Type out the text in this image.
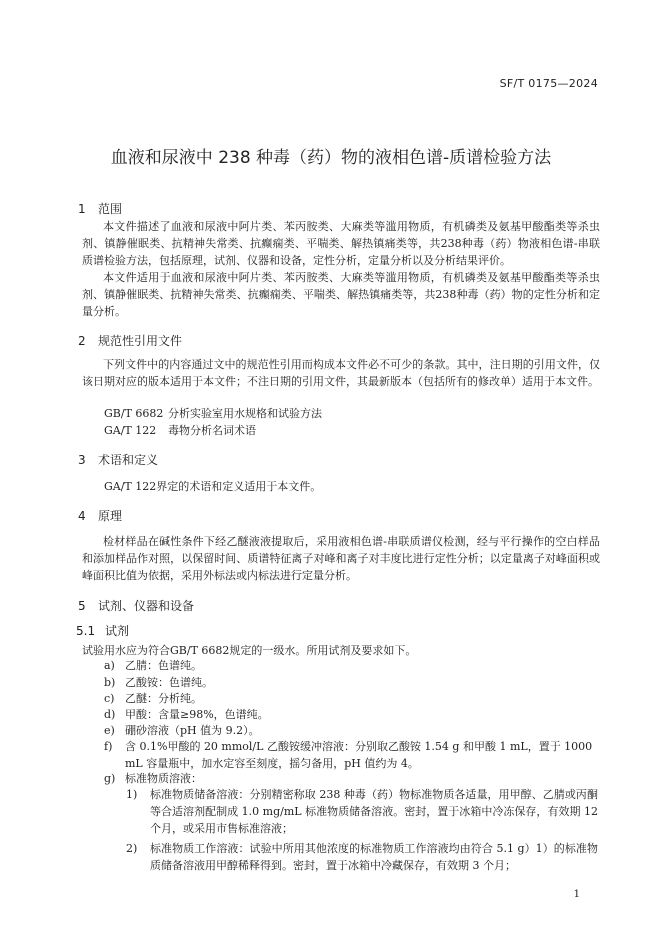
SF/T 0175—2024
血液和尿液中 238 种毒（药）物的液相色谱-质谱检验方法
1 范围

本文件描述了血液和尿液中阿片类、苯丙胺类、大麻类等滥用物质，有机磷类及氨基甲酸酯类等杀虫剂、镇静催眠类、抗精神失常类、抗癫痫类、平喘类、解热镇痛类等，共238种毒（药）物液相色谱-串联质谱检验方法，包括原理，试剂、仪器和设备，定性分析，定量分析以及分析结果评价。

本文件适用于血液和尿液中阿片类、苯丙胺类、大麻类等滥用物质，有机磷类及氨基甲酸酯类等杀虫剂、镇静催眠类、抗精神失常类、抗癫痫类、平喘类、解热镇痛类等，共238种毒（药）物的定性分析和定量分析。

2 规范性引用文件

下列文件中的内容通过文中的规范性引用而构成本文件必不可少的条款。其中，注日期的引用文件，仅该日期对应的版本适用于本文件；不注日期的引用文件，其最新版本（包括所有的修改单）适用于本文件。

GB/T 6682 分析实验室用水规格和试验方法
GA/T 122 毒物分析名词术语
3 术语和定义
GA/T 122界定的术语和定义适用于本文件。
4 原理

检材样品在碱性条件下经乙醚液液提取后，采用液相色谱-串联质谱仪检测，经与平行操作的空白样品和添加样品作对照，以保留时间、质谱特征离子对峰和离子对丰度比进行定性分析；以定量离子对峰面积或峰面积比值为依据，采用外标法或内标法进行定量分析。

5 试剂、仪器和设备
5.1 试剂
试验用水应为符合GB/T 6682规定的一级水。所用试剂及要求如下。
a) 乙腈：色谱纯。
b) 乙酸铵：色谱纯。
c) 乙醚：分析纯。
d) 甲酸：含量≥98%，色谱纯。
e) 硼砂溶液（pH 值为 9.2）。
f) 含 0.1%甲酸的 20 mmol/L 乙酸铵缓冲溶液：分别取乙酸铵 1.54 g 和甲酸 1 mL，置于 1000 mL 容量瓶中，加水定容至刻度，摇匀备用，pH 值约为 4。
g) 标准物质溶液：
1) 标准物质储备溶液：分别精密称取 238 种毒（药）物标准物质各适量，用甲醇、乙腈或丙酮等合适溶剂配制成 1.0 mg/mL 标准物质储备溶液。密封，置于冰箱中冷冻保存，有效期 12 个月，或采用市售标准溶液；
2) 标准物质工作溶液：试验中所用其他浓度的标准物质工作溶液均由符合 5.1 g）1）的标准物质储备溶液用甲醇稀释得到。密封，置于冰箱中冷藏保存，有效期 3 个月；
1
